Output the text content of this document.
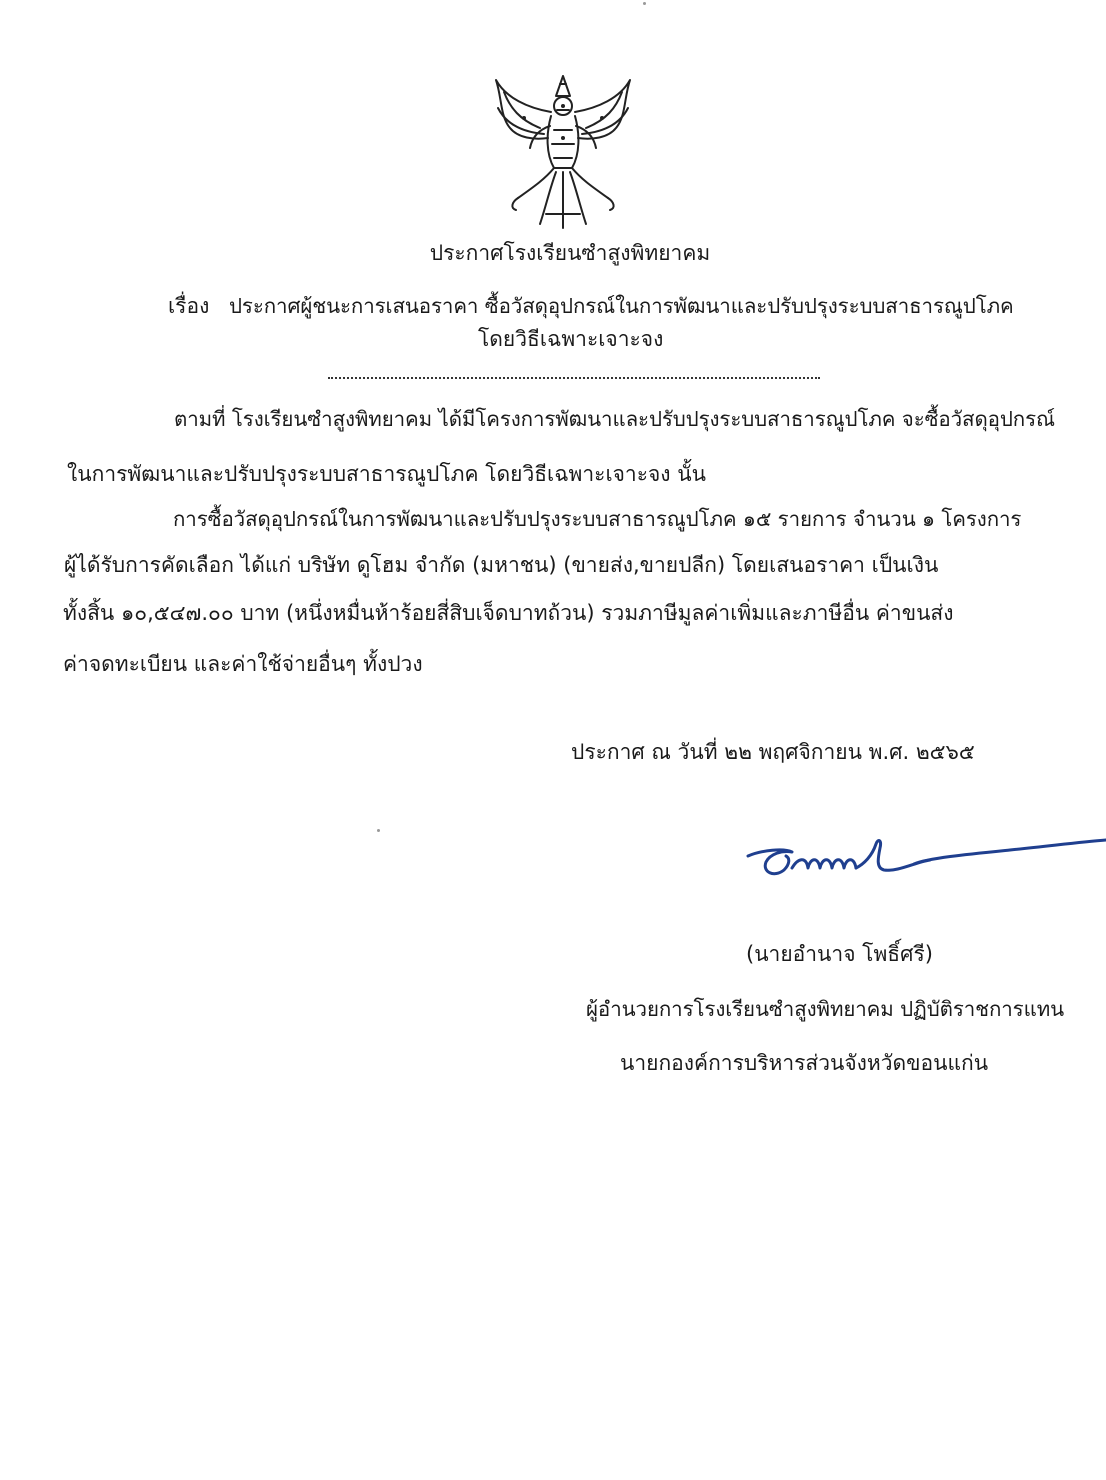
ประกาศโรงเรียนซำสูงพิทยาคม
เรื่อง ประกาศผู้ชนะการเสนอราคา ซื้อวัสดุอุปกรณ์ในการพัฒนาและปรับปรุงระบบสาธารณูปโภค
โดยวิธีเฉพาะเจาะจง
ตามที่ โรงเรียนซำสูงพิทยาคม ได้มีโครงการพัฒนาและปรับปรุงระบบสาธารณูปโภค จะซื้อวัสดุอุปกรณ์
ในการพัฒนาและปรับปรุงระบบสาธารณูปโภค โดยวิธีเฉพาะเจาะจง นั้น
การซื้อวัสดุอุปกรณ์ในการพัฒนาและปรับปรุงระบบสาธารณูปโภค ๑๕ รายการ จำนวน ๑ โครงการ
ผู้ได้รับการคัดเลือก ได้แก่ บริษัท ดูโฮม จำกัด (มหาชน) (ขายส่ง,ขายปลีก) โดยเสนอราคา เป็นเงิน
ทั้งสิ้น ๑๐,๕๔๗.๐๐ บาท (หนึ่งหมื่นห้าร้อยสี่สิบเจ็ดบาทถ้วน) รวมภาษีมูลค่าเพิ่มและภาษีอื่น ค่าขนส่ง
ค่าจดทะเบียน และค่าใช้จ่ายอื่นๆ ทั้งปวง
ประกาศ ณ วันที่ ๒๒ พฤศจิกายน พ.ศ. ๒๕๖๕
(นายอำนาจ โพธิ์ศรี)
ผู้อำนวยการโรงเรียนซำสูงพิทยาคม ปฏิบัติราชการแทน
นายกองค์การบริหารส่วนจังหวัดขอนแก่น
